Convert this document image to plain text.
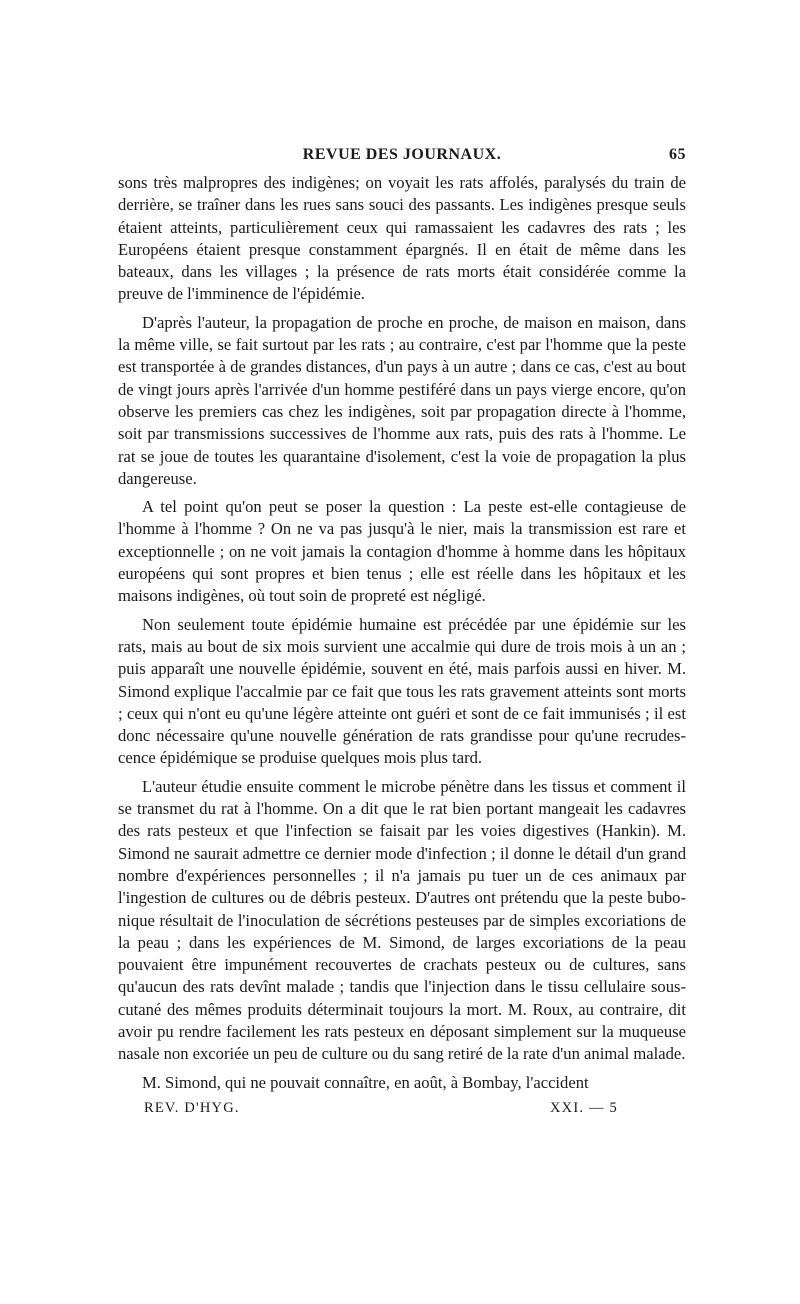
REVUE DES JOURNAUX.	65

sons très malpropres des indigènes; on voyait les rats affolés, paralysés du train de derrière, se traîner dans les rues sans souci des passants. Les indigènes presque seuls étaient atteints, particulièrement ceux qui ramassaient les cadavres des rats ; les Européens étaient presque constamment épargnés. Il en était de même dans les bateaux, dans les villages ; la présence de rats morts était considérée comme la preuve de l'imminence de l'épidémie.

D'après l'auteur, la propagation de proche en proche, de maison en maison, dans la même ville, se fait surtout par les rats ; au contraire, c'est par l'homme que la peste est transportée à de grandes distances, d'un pays à un autre ; dans ce cas, c'est au bout de vingt jours après l'arrivée d'un homme pestiféré dans un pays vierge encore, qu'on observe les premiers cas chez les indigènes, soit par propagation directe à l'homme, soit par transmissions successives de l'homme aux rats, puis des rats à l'homme. Le rat se joue de toutes les quarantaine d'isolement, c'est la voie de propagation la plus dangereuse.

A tel point qu'on peut se poser la question : La peste est-elle contagieuse de l'homme à l'homme ? On ne va pas jusqu'à le nier, mais la transmission est rare et exceptionnelle ; on ne voit jamais la contagion d'homme à homme dans les hôpitaux européens qui sont propres et bien tenus ; elle est réelle dans les hôpitaux et les maisons indigènes, où tout soin de propreté est négligé.

Non seulement toute épidémie humaine est précédée par une épidémie sur les rats, mais au bout de six mois survient une accalmie qui dure de trois mois à un an ; puis apparaît une nouvelle épidémie, souvent en été, mais parfois aussi en hiver. M. Simond explique l'accalmie par ce fait que tous les rats gravement atteints sont morts ; ceux qui n'ont eu qu'une légère atteinte ont guéri et sont de ce fait immunisés ; il est donc nécessaire qu'une nouvelle génération de rats grandisse pour qu'une recrudescence épidémique se produise quelques mois plus tard.

L'auteur étudie ensuite comment le microbe pénètre dans les tissus et comment il se transmet du rat à l'homme. On a dit que le rat bien portant mangeait les cadavres des rats pesteux et que l'infection se faisait par les voies digestives (Hankin). M. Simond ne saurait admettre ce dernier mode d'infection ; il donne le détail d'un grand nombre d'expériences personnelles ; il n'a jamais pu tuer un de ces animaux par l'ingestion de cultures ou de débris pesteux. D'autres ont prétendu que la peste bubonique résultait de l'inoculation de sécrétions pesteuses par de simples excoriations de la peau ; dans les expériences de M. Simond, de larges excoriations de la peau pouvaient être impunément recouvertes de crachats pesteux ou de cultures, sans qu'aucun des rats devînt malade ; tandis que l'injection dans le tissu cellulaire sous-cutané des mêmes produits déterminait toujours la mort. M. Roux, au contraire, dit avoir pu rendre facilement les rats pesteux en déposant simplement sur la muqueuse nasale non excoriée un peu de culture ou du sang retiré de la rate d'un animal malade.

M. Simond, qui ne pouvait connaître, en août, à Bombay, l'accident

REV. D'HYG.	XXI. — 5
